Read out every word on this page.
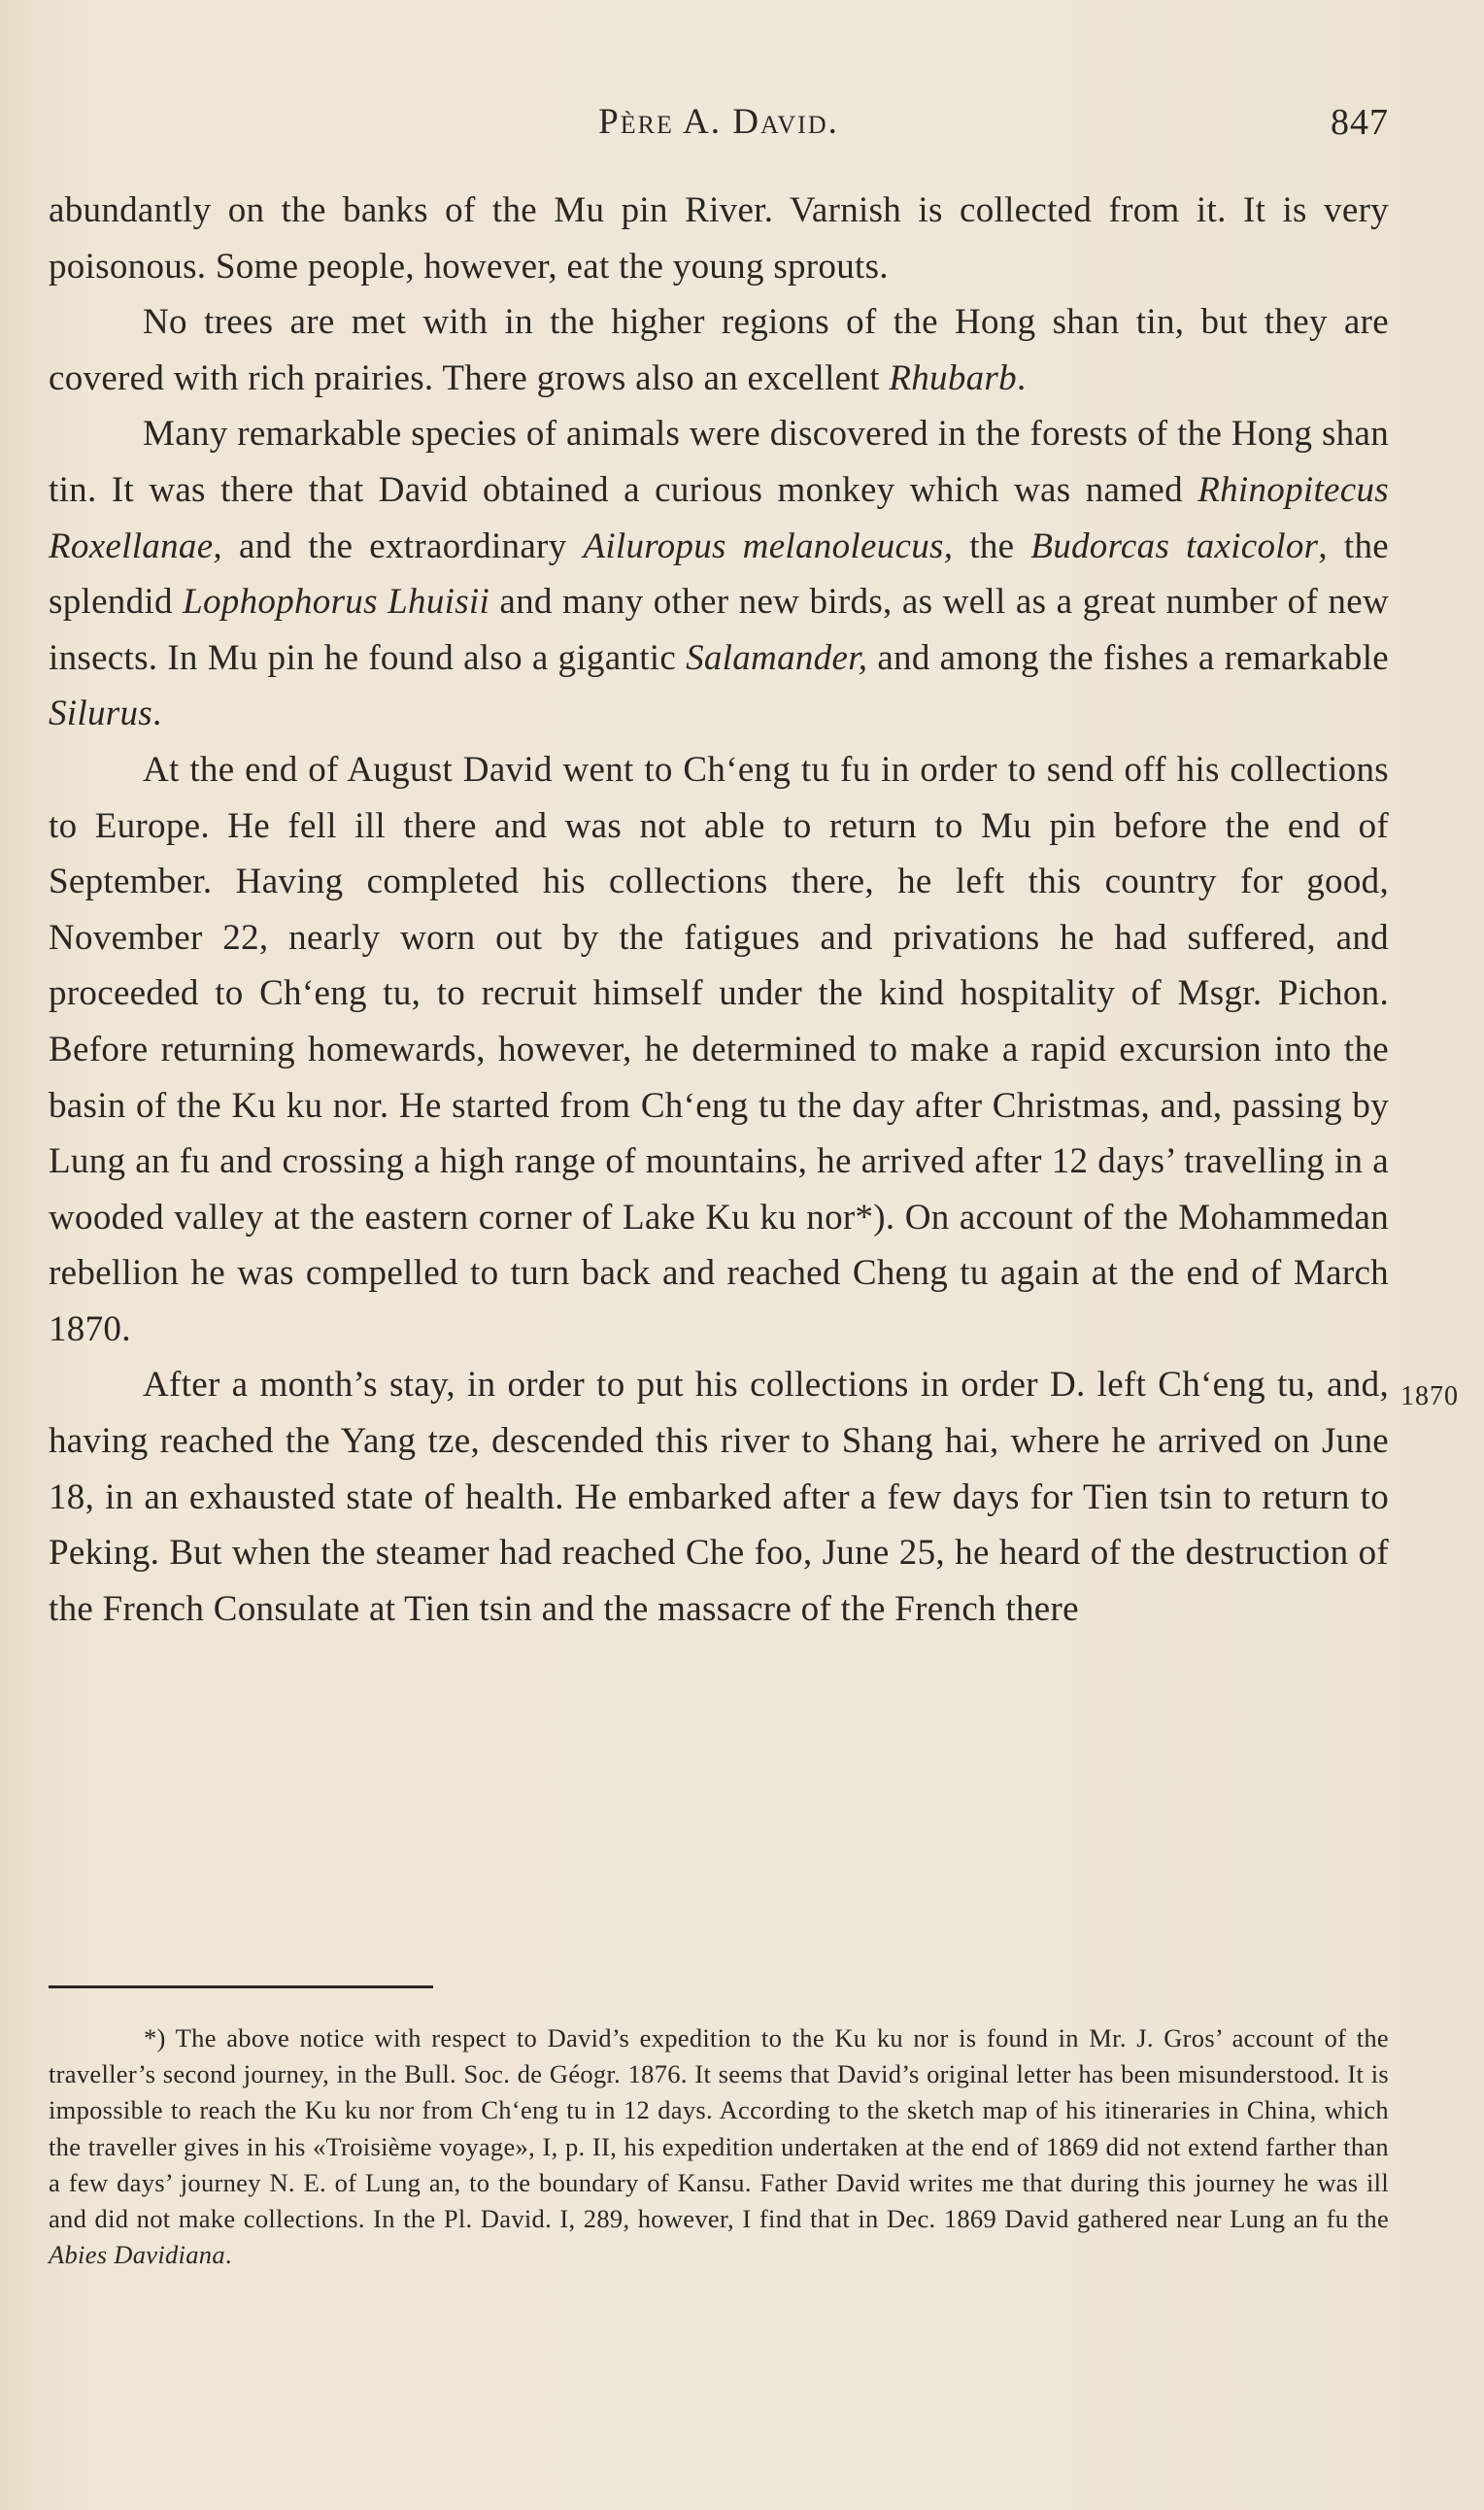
Père A. David.	847

abundantly on the banks of the Mu pin River. Varnish is collected from it. It is very poisonous. Some people, however, eat the young sprouts.

No trees are met with in the higher regions of the Hong shan tin, but they are covered with rich prairies. There grows also an excellent Rhubarb.

Many remarkable species of animals were discovered in the forests of the Hong shan tin. It was there that David obtained a curious monkey which was named Rhinopitecus Roxellanae, and the extraordinary Ailuropus melanoleucus, the Budorcas taxicolor, the splendid Lophophorus Lhuisii and many other new birds, as well as a great number of new insects. In Mu pin he found also a gigantic Salamander, and among the fishes a remarkable Silurus.

At the end of August David went to Chʻeng tu fu in order to send off his collections to Europe. He fell ill there and was not able to return to Mu pin before the end of September. Having completed his collections there, he left this country for good, November 22, nearly worn out by the fatigues and privations he had suffered, and proceeded to Chʻeng tu, to recruit himself under the kind hospitality of Msgr. Pichon. Before returning homewards, however, he determined to make a rapid excursion into the basin of the Ku ku nor. He started from Chʻeng tu the day after Christmas, and, passing by Lung an fu and crossing a high range of mountains, he arrived after 12 days’ travelling in a wooded valley at the eastern corner of Lake Ku ku nor*). On account of the Mohammedan rebellion he was compelled to turn back and reached Cheng tu again at the end of March 1870.

After a month’s stay, in order to put his collections in order D. left Chʻeng tu, and, having reached the Yang tze, descended this river to Shang hai, where he arrived on June 18, in an exhausted state of health. He embarked after a few days for Tien tsin to return to Peking. But when the steamer had reached Che foo, June 25, he heard of the destruction of the French Consulate at Tien tsin and the massacre of the French there

1870

*) The above notice with respect to David’s expedition to the Ku ku nor is found in Mr. J. Gros’ account of the traveller’s second journey, in the Bull. Soc. de Géogr. 1876. It seems that David’s original letter has been misunderstood. It is impossible to reach the Ku ku nor from Chʻeng tu in 12 days. According to the sketch map of his itineraries in China, which the traveller gives in his «Troisième voyage», I, p. II, his expedition undertaken at the end of 1869 did not extend farther than a few days’ journey N. E. of Lung an, to the boundary of Kansu. Father David writes me that during this journey he was ill and did not make collections. In the Pl. David. I, 289, however, I find that in Dec. 1869 David gathered near Lung an fu the Abies Davidiana.
